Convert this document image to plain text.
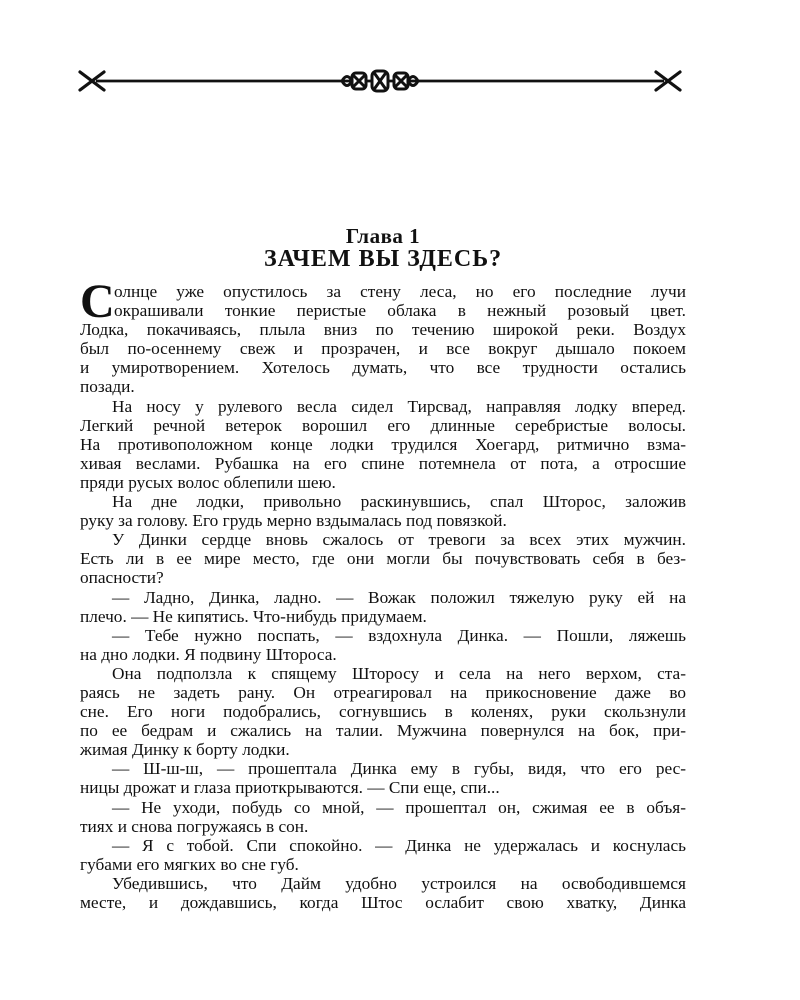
Глава 1
ЗАЧЕМ ВЫ ЗДЕСЬ?
С олнце уже опустилось за стену леса, но его последние лучи
окрашивали тонкие перистые облака в нежный розовый цвет.
Лодка, покачиваясь, плыла вниз по течению широкой реки. Воздух
был по-осеннему свеж и прозрачен, и все вокруг дышало покоем
и умиротворением. Хотелось думать, что все трудности остались
позади.
На носу у рулевого весла сидел Тирсвад, направляя лодку вперед.
Легкий речной ветерок ворошил его длинные серебристые волосы.
На противоположном конце лодки трудился Хоегард, ритмично взма-
хивая веслами. Рубашка на его спине потемнела от пота, а отросшие
пряди русых волос облепили шею.
На дне лодки, привольно раскинувшись, спал Шторос, заложив
руку за голову. Его грудь мерно вздымалась под повязкой.
У Динки сердце вновь сжалось от тревоги за всех этих мужчин.
Есть ли в ее мире место, где они могли бы почувствовать себя в без-
опасности?
— Ладно, Динка, ладно. — Вожак положил тяжелую руку ей на
плечо. — Не кипятись. Что-нибудь придумаем.
— Тебе нужно поспать, — вздохнула Динка. — Пошли, ляжешь
на дно лодки. Я подвину Штороса.
Она подползла к спящему Шторосу и села на него верхом, ста-
раясь не задеть рану. Он отреагировал на прикосновение даже во
сне. Его ноги подобрались, согнувшись в коленях, руки скользнули
по ее бедрам и сжались на талии. Мужчина повернулся на бок, при-
жимая Динку к борту лодки.
— Ш-ш-ш, — прошептала Динка ему в губы, видя, что его рес-
ницы дрожат и глаза приоткрываются. — Спи еще, спи...
— Не уходи, побудь со мной, — прошептал он, сжимая ее в объя-
тиях и снова погружаясь в сон.
— Я с тобой. Спи спокойно. — Динка не удержалась и коснулась
губами его мягких во сне губ.
Убедившись, что Дайм удобно устроился на освободившемся
месте, и дождавшись, когда Штос ослабит свою хватку, Динка
